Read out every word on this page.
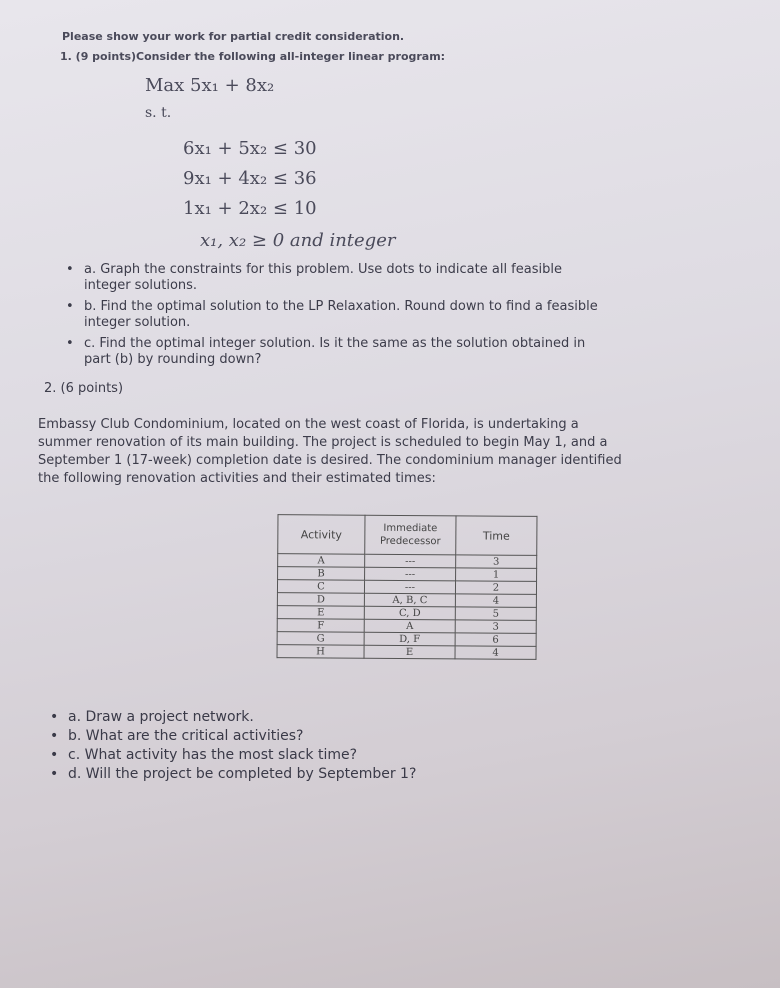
Please show your work for partial credit consideration.
1. (9 points)Consider the following all-integer linear program:
Max 5x₁ + 8x₂
s. t.
6x₁ + 5x₂ ≤ 30
9x₁ + 4x₂ ≤ 36
1x₁ + 2x₂ ≤ 10
x₁, x₂ ≥ 0 and integer
• a. Graph the constraints for this problem. Use dots to indicate all feasible
integer solutions.
• b. Find the optimal solution to the LP Relaxation. Round down to find a feasible
integer solution.
• c. Find the optimal integer solution. Is it the same as the solution obtained in
part (b) by rounding down?
2. (6 points)
Embassy Club Condominium, located on the west coast of Florida, is undertaking a
summer renovation of its main building. The project is scheduled to begin May 1, and a
September 1 (17-week) completion date is desired. The condominium manager identified
the following renovation activities and their estimated times:
Activity	Immediate Predecessor	Time
A	---	3
B	---	1
C	---	2
D	A, B, C	4
E	C, D	5
F	A	3
G	D, F	6
H	E	4
• a. Draw a project network.
• b. What are the critical activities?
• c. What activity has the most slack time?
• d. Will the project be completed by September 1?
